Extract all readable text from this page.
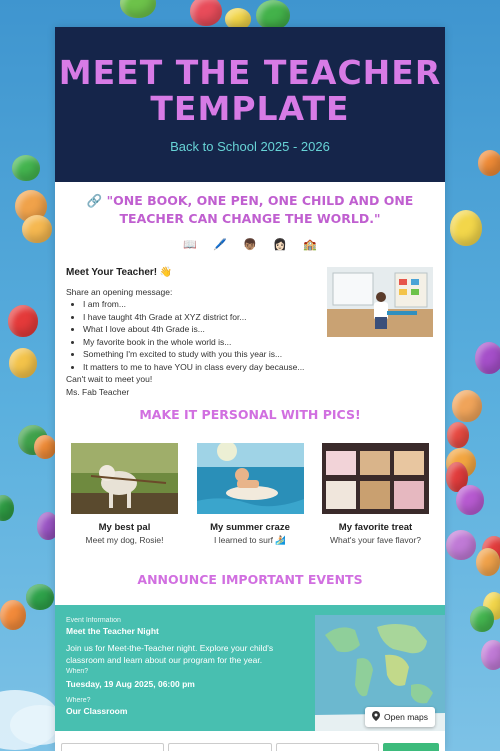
MEET THE TEACHER TEMPLATE
Back to School 2025 - 2026
🔗 "ONE BOOK, ONE PEN, ONE CHILD AND ONE TEACHER CAN CHANGE THE WORLD."
📖 🖊️ 👦🏽 👩🏻 🏫
Meet Your Teacher! 👋
Share an opening message:
• I am from...
• I have taught 4th Grade at XYZ district for...
• What I love about 4th Grade is...
• My favorite book in the whole world is...
• Something I'm excited to study with you this year is...
• It matters to me to have YOU in class every day because...
Can't wait to meet you!
Ms. Fab Teacher
MAKE IT PERSONAL WITH PICS!
My best pal
Meet my dog, Rosie!
My summer craze
I learned to surf 🏄🏻
My favorite treat
What's your fave flavor?
ANNOUNCE IMPORTANT EVENTS
Event Information
Meet the Teacher Night
Join us for Meet-the-Teacher night. Explore your child's classroom and learn about our program for the year.
When?
Tuesday, 19 Aug 2025, 06:00 pm
Where?
Our Classroom
Open maps
